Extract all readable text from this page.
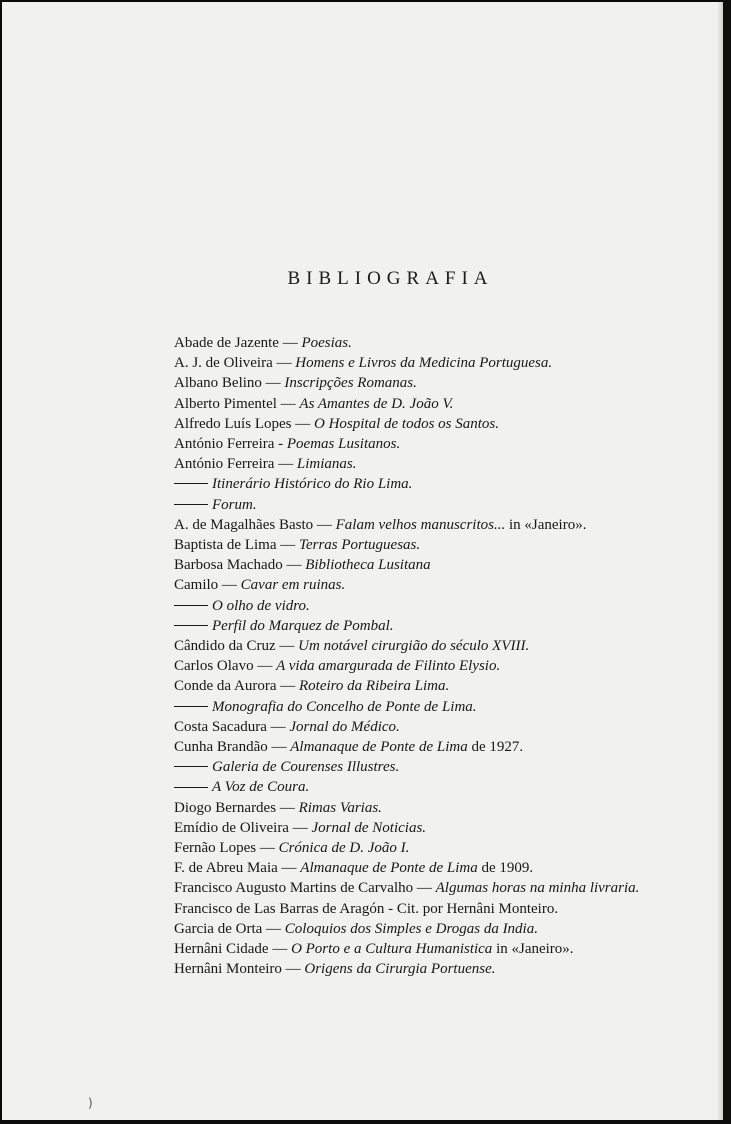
BIBLIOGRAFIA
Abade de Jazente — Poesias.
A. J. de Oliveira — Homens e Livros da Medicina Portuguesa.
Albano Belino — Inscripções Romanas.
Alberto Pimentel — As Amantes de D. João V.
Alfredo Luís Lopes — O Hospital de todos os Santos.
António Ferreira - Poemas Lusitanos.
António Ferreira — Limianas.
Itinerário Histórico do Rio Lima.
Forum.
A. de Magalhães Basto — Falam velhos manuscritos... in «Janeiro».
Baptista de Lima — Terras Portuguesas.
Barbosa Machado — Bibliotheca Lusitana
Camilo — Cavar em ruinas.
O olho de vidro.
Perfil do Marquez de Pombal.
Cândido da Cruz — Um notável cirurgião do século XVIII.
Carlos Olavo — A vida amargurada de Filinto Elysio.
Conde da Aurora — Roteiro da Ribeira Lima.
Monografia do Concelho de Ponte de Lima.
Costa Sacadura — Jornal do Médico.
Cunha Brandão — Almanaque de Ponte de Lima de 1927.
Galeria de Courenses Illustres.
A Voz de Coura.
Diogo Bernardes — Rimas Varias.
Emídio de Oliveira — Jornal de Noticias.
Fernão Lopes — Crónica de D. João I.
F. de Abreu Maia — Almanaque de Ponte de Lima de 1909.
Francisco Augusto Martins de Carvalho — Algumas horas na minha livraria.
Francisco de Las Barras de Aragón - Cit. por Hernâni Monteiro.
Garcia de Orta — Coloquios dos Simples e Drogas da India.
Hernâni Cidade — O Porto e a Cultura Humanistica in «Janeiro».
Hernâni Monteiro — Origens da Cirurgia Portuense.
)
